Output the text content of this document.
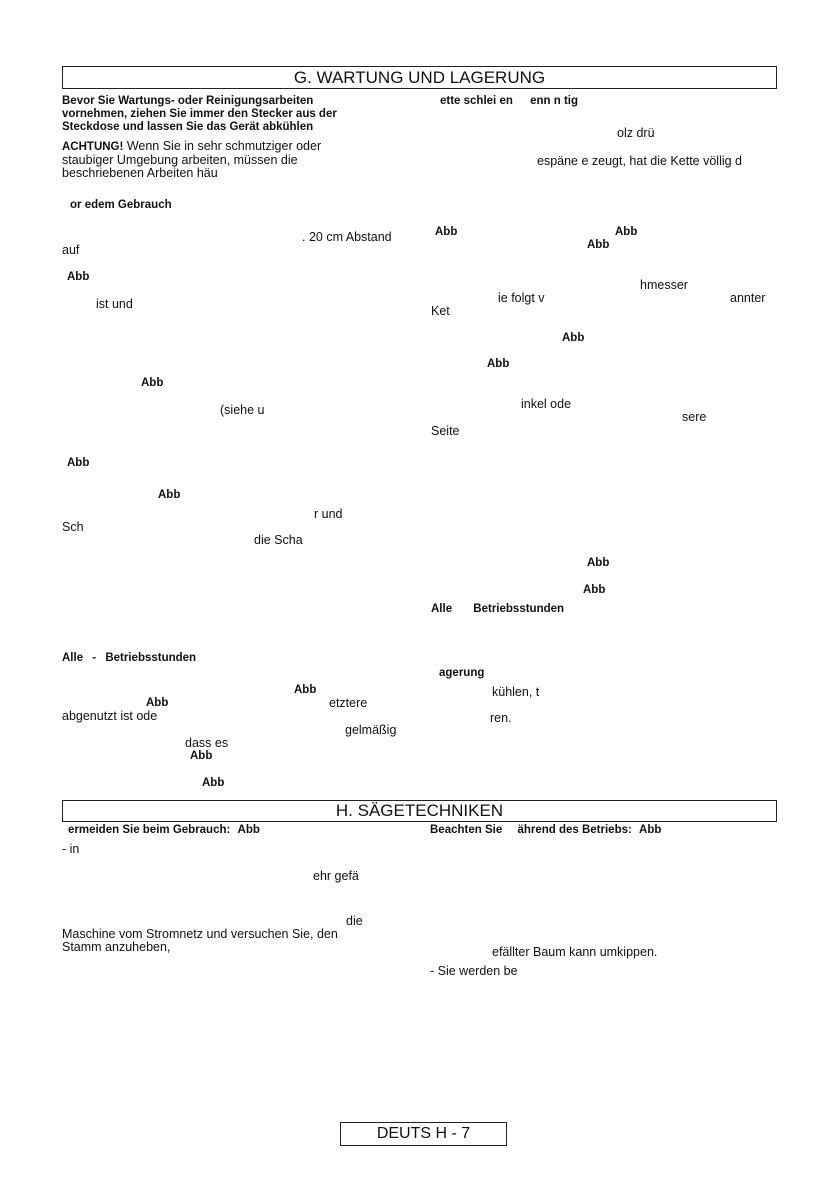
G. WARTUNG UND LAGERUNG
Bevor Sie Wartungs- oder Reinigungsarbeiten
vornehmen, ziehen Sie immer den Stecker aus der
Steckdose und lassen Sie das Gerät abkühlen
ACHTUNG! Wenn Sie in sehr schmutziger oder
staubiger Umgebung arbeiten, müssen die
beschriebenen Arbeiten häu
or edem Gebrauch
. 20 cm Abstand
auf
Abb
ist und
Abb
(siehe u
Abb
Abb
r und
Sch
die Scha
Alle - Betriebsstunden
Abb
Abb	etztere
abgenutzt ist ode
gelmäßig
dass es
Abb
Abb
ette schlei en enn n tig
olz drü
espäne e zeugt, hat die Kette völlig d
Abb	Abb
Abb
hmesser
ie folgt v	annter
Ket
Abb
Abb
inkel ode
sere
Seite
Abb
Abb
Alle Betriebsstunden
agerung
kühlen, t
ren.
H. SÄGETECHNIKEN
ermeiden Sie beim Gebrauch: Abb
- in
ehr gefä
die
Maschine vom Stromnetz und versuchen Sie, den
Stamm anzuheben,
Beachten Sie ährend des Betriebs: Abb
efällter Baum kann umkippen.
- Sie werden be
DEUTS H - 7
